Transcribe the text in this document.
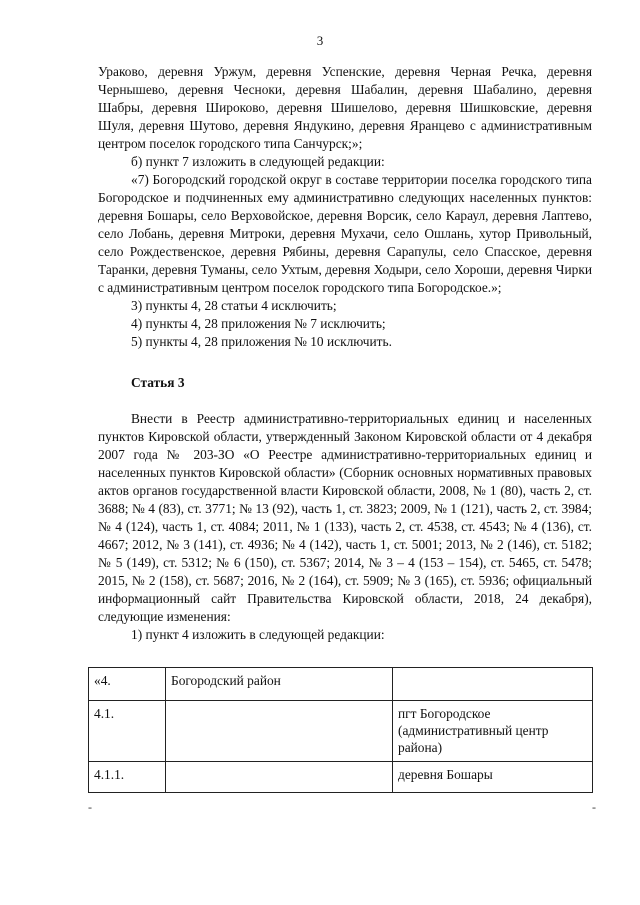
3

Ураково, деревня Уржум, деревня Успенские, деревня Черная Речка, деревня Чернышево, деревня Чесноки, деревня Шабалин, деревня Шабалино, деревня Шабры, деревня Широково, деревня Шишелово, деревня Шишковские, деревня Шуля, деревня Шутово, деревня Яндукино, деревня Яранцево с административным центром поселок городского типа Санчурск;»;

б) пункт 7 изложить в следующей редакции:

«7) Богородский городской округ в составе территории поселка городского типа Богородское и подчиненных ему административно следующих населенных пунктов: деревня Бошары, село Верховойское, деревня Ворсик, село Караул, деревня Лаптево, село Лобань, деревня Митроки, деревня Мухачи, село Ошлань, хутор Привольный, село Рождественское, деревня Рябины, деревня Сарапулы, село Спасское, деревня Таранки, деревня Туманы, село Ухтым, деревня Ходыри, село Хороши, деревня Чирки с административным центром поселок городского типа Богородское.»;

3) пункты 4, 28 статьи 4 исключить;

4) пункты 4, 28 приложения № 7 исключить;

5) пункты 4, 28 приложения № 10 исключить.

Статья 3

Внести в Реестр административно-территориальных единиц и населенных пунктов Кировской области, утвержденный Законом Кировской области от 4 декабря 2007 года № 203-ЗО «О Реестре административно-территориальных единиц и населенных пунктов Кировской области» (Сборник основных нормативных правовых актов органов государственной власти Кировской области, 2008, № 1 (80), часть 2, ст. 3688; № 4 (83), ст. 3771; № 13 (92), часть 1, ст. 3823; 2009, № 1 (121), часть 2, ст. 3984; № 4 (124), часть 1, ст. 4084; 2011, № 1 (133), часть 2, ст. 4538, ст. 4543; № 4 (136), ст. 4667; 2012, № 3 (141), ст. 4936; № 4 (142), часть 1, ст. 5001; 2013, № 2 (146), ст. 5182; № 5 (149), ст. 5312; № 6 (150), ст. 5367; 2014, № 3 – 4 (153 – 154), ст. 5465, ст. 5478; 2015, № 2 (158), ст. 5687; 2016, № 2 (164), ст. 5909; № 3 (165), ст. 5936; официальный информационный сайт Правительства Кировской области, 2018, 24 декабря), следующие изменения:

1) пункт 4 изложить в следующей редакции:

«4.	Богородский район	
4.1.		пгт Богородское (административный центр района)
4.1.1.		деревня Бошары
-	-
